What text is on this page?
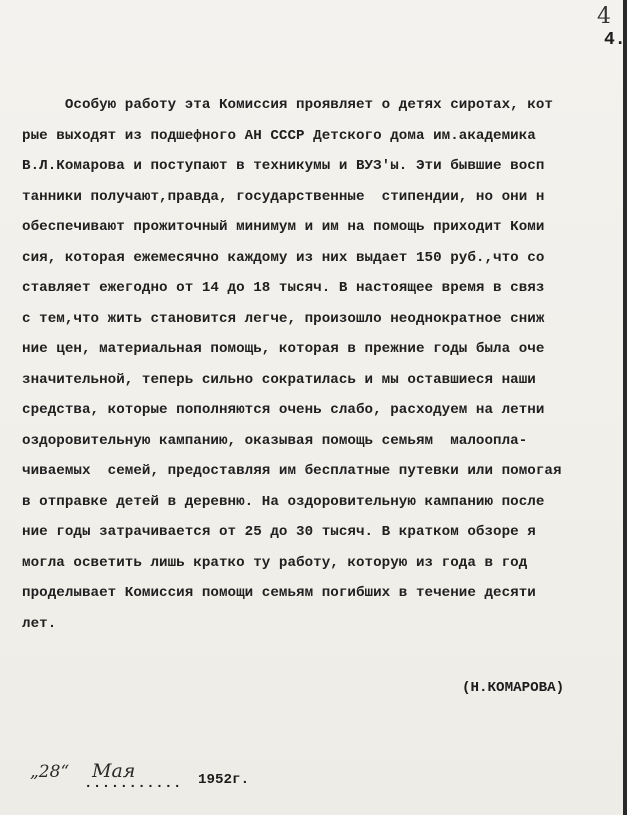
4
4.
Особую работу эта Комиссия проявляет о детях сиротах, кот
рые выходят из подшефного АН СССР Детского дома им.академика
В.Л.Комарова и поступают в техникумы и ВУЗ'ы. Эти бывшие восп
танники получают,правда, государственные  стипендии, но они н
обеспечивают прожиточный минимум и им на помощь приходит Коми
сия, которая ежемесячно каждому из них выдает 150 руб.,что со
ставляет ежегодно от 14 до 18 тысяч. В настоящее время в связ
с тем,что жить становится легче, произошло неоднократное сниж
ние цен, материальная помощь, которая в прежние годы была оче
значительной, теперь сильно сократилась и мы оставшиеся наши
средства, которые пополняются очень слабо, расходуем на летни
оздоровительную кампанию, оказывая помощь семьям  малоопла-
чиваемых  семей, предоставляя им бесплатные путевки или помогая
в отправке детей в деревню. На оздоровительную кампанию после
ние годы затрачивается от 25 до 30 тысяч. В кратком обзоре я
могла осветить лишь кратко ту работу, которую из года в год
проделывает Комиссия помощи семьям погибших в течение десяти
лет.
(Н.КОМАРОВА)
„28“
...........
Мая	1952г.
